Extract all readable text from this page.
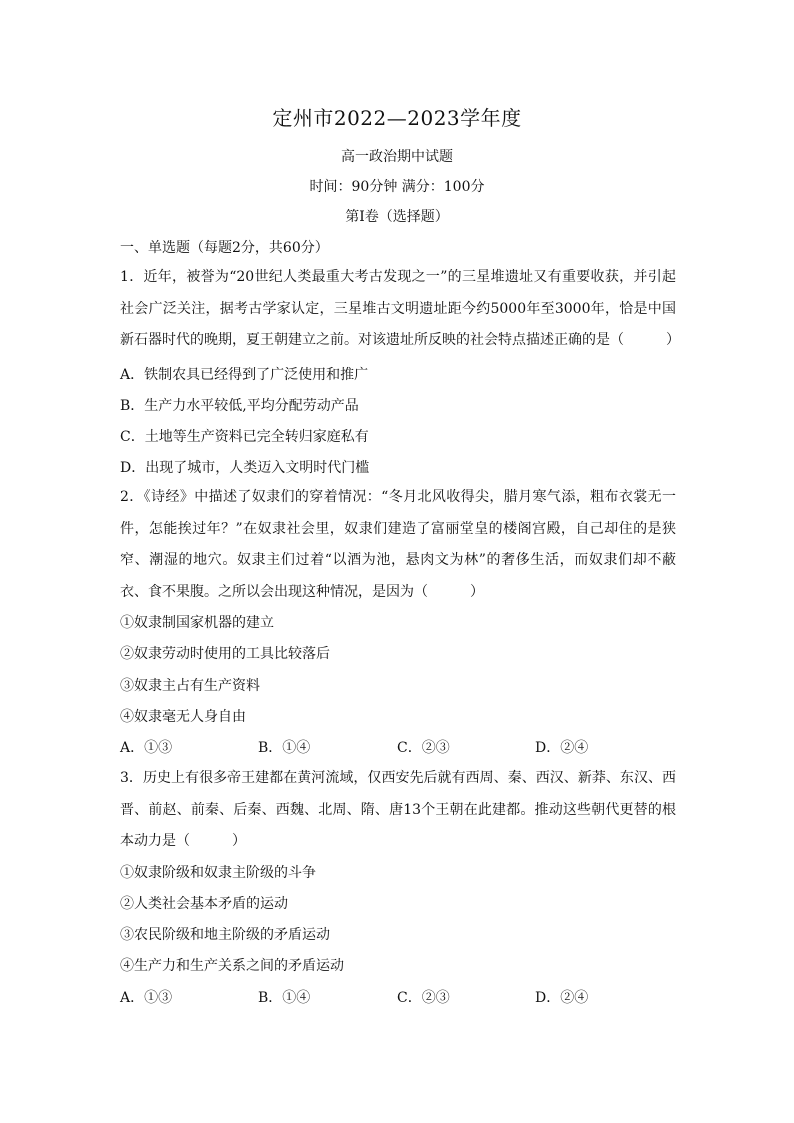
定州市2022—2023学年度
高一政治期中试题
时间：90分钟 满分：100分
第Ⅰ卷（选择题）
一、单选题（每题2分，共60分）
1．近年，被誉为“20世纪人类最重大考古发现之一”的三星堆遗址又有重要收获，并引起社会广泛关注，据考古学家认定，三星堆古文明遗址距今约5000年至3000年，恰是中国新石器时代的晚期，夏王朝建立之前。对该遗址所反映的社会特点描述正确的是（　　　）
A．铁制农具已经得到了广泛使用和推广
B．生产力水平较低,平均分配劳动产品
C．土地等生产资料已完全转归家庭私有
D．出现了城市，人类迈入文明时代门槛
2．《诗经》中描述了奴隶们的穿着情况：“冬月北风收得尖，腊月寒气添，粗布衣裳无一件，怎能挨过年？”在奴隶社会里，奴隶们建造了富丽堂皇的楼阁宫殿，自己却住的是狭窄、潮湿的地穴。奴隶主们过着“以酒为池，悬肉文为林”的奢侈生活，而奴隶们却不蔽衣、食不果腹。之所以会出现这种情况，是因为（　　　）
①奴隶制国家机器的建立
②奴隶劳动时使用的工具比较落后
③奴隶主占有生产资料
④奴隶毫无人身自由
A．①③	B．①④	C．②③	D．②④
3．历史上有很多帝王建都在黄河流域，仅西安先后就有西周、秦、西汉、新莽、东汉、西晋、前赵、前秦、后秦、西魏、北周、隋、唐13个王朝在此建都。推动这些朝代更替的根本动力是（　　　）
①奴隶阶级和奴隶主阶级的斗争
②人类社会基本矛盾的运动
③农民阶级和地主阶级的矛盾运动
④生产力和生产关系之间的矛盾运动
A．①③	B．①④	C．②③	D．②④
